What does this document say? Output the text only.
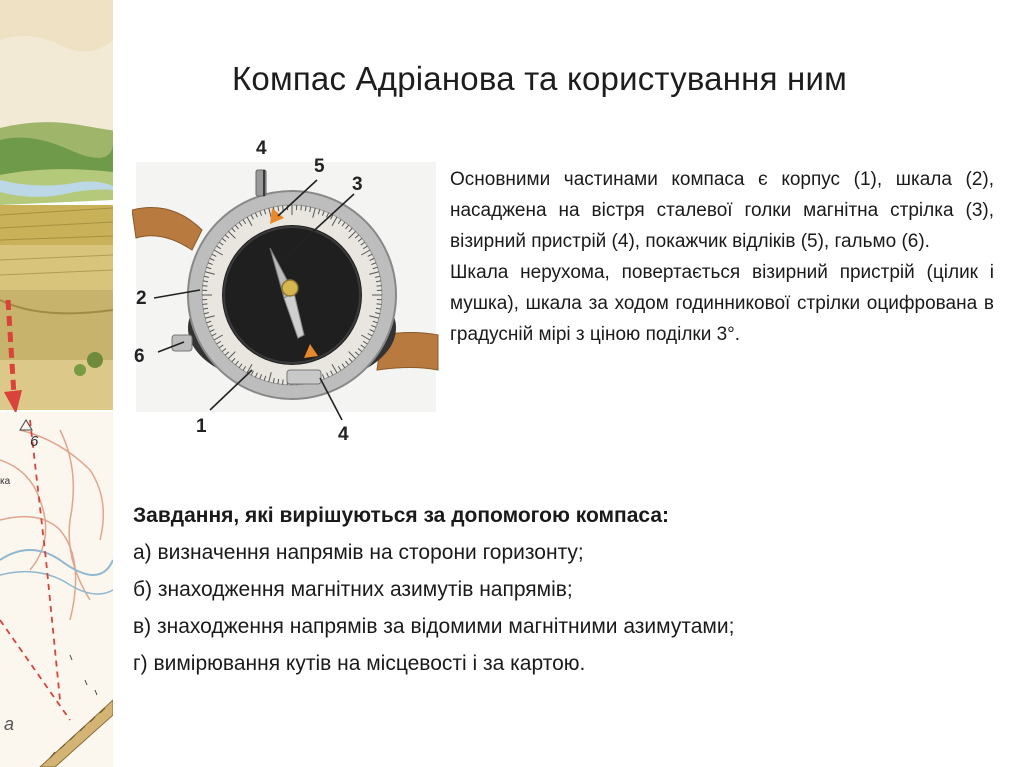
6
ка
a
Компас Адріанова та користування ним
4
5
3
2
6
1	4

Основними частинами компаса є корпус (1), шкала (2), насаджена на вістря сталевої голки магнітна стрілка (3), візирний пристрій (4), покажчик відліків (5), гальмо (6).

Шкала нерухома, повертається візирний пристрій (цілик і мушка), шкала за ходом годинникової стрілки оцифрована в градусній мірі з ціною поділки 3°.

Завдання, які вирішуються за допомогою компаса:
а) визначення напрямів на сторони горизонту;
б) знаходження магнітних азимутів напрямів;
в) знаходження напрямів за відомими магнітними азимутами;
г) вимірювання кутів на місцевості і за картою.
